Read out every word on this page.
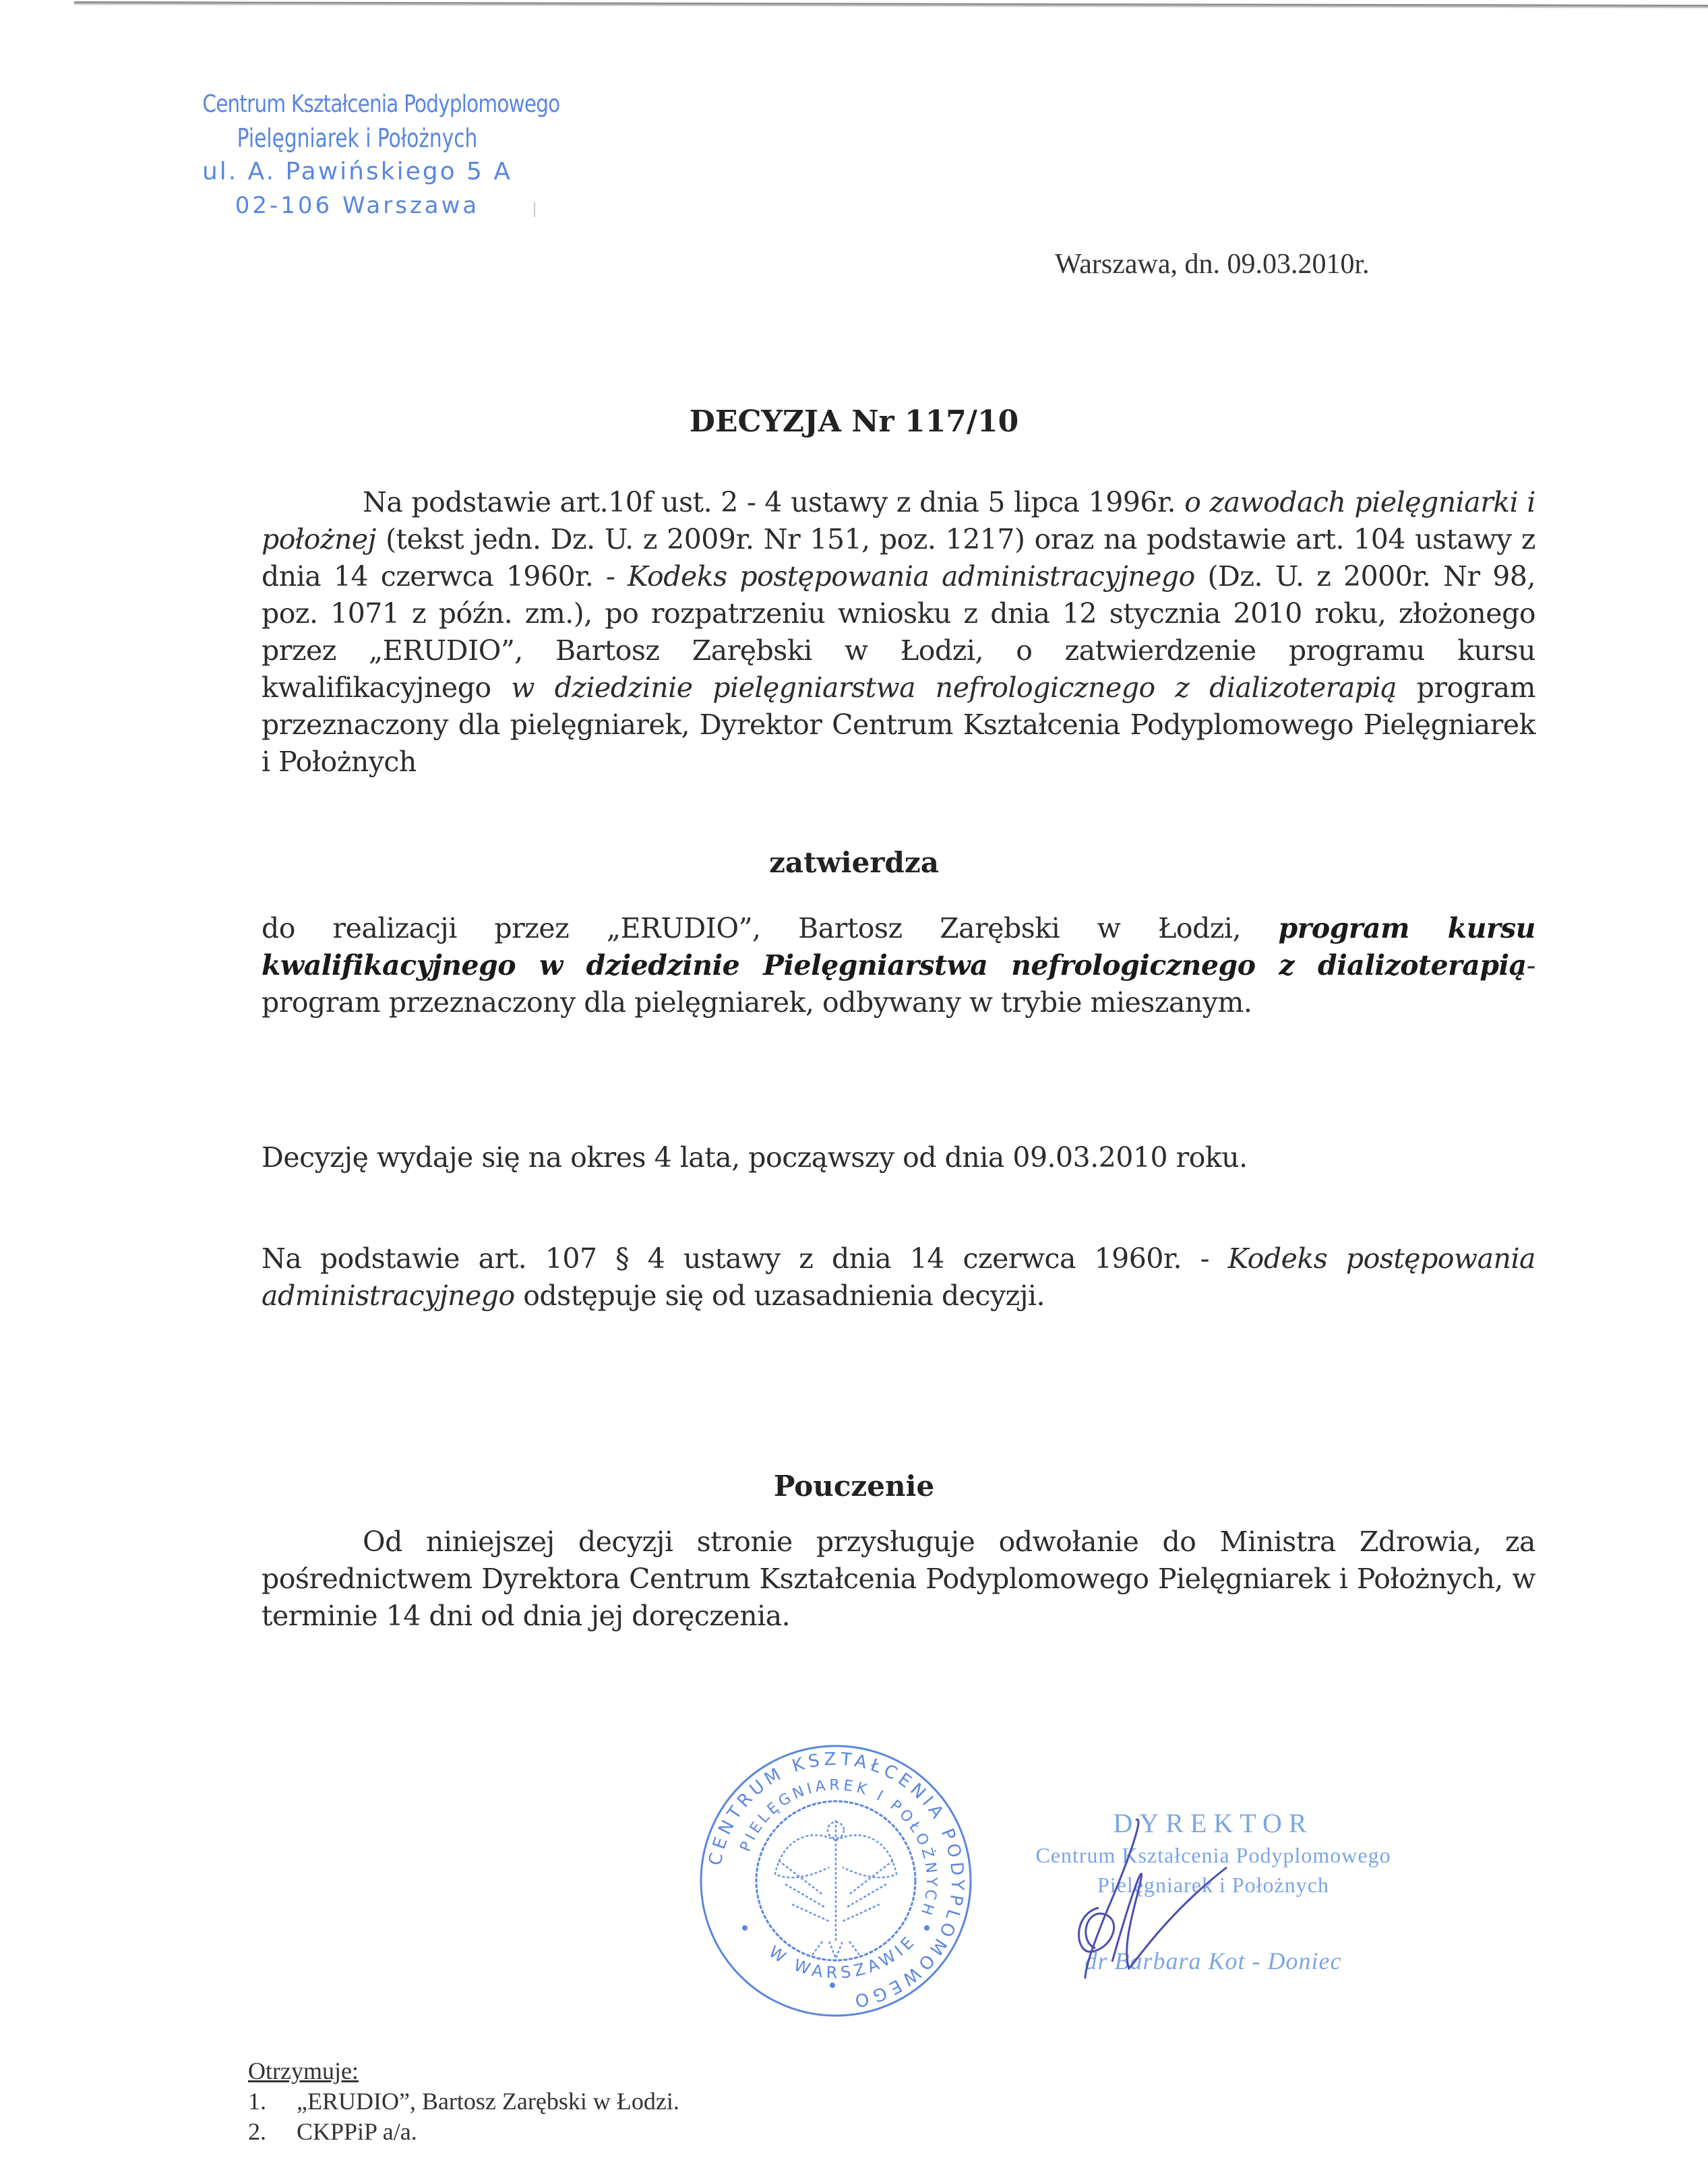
Centrum Kształcenia Podyplomowego
Pielęgniarek i Położnych
ul. A. Pawińskiego 5 A
02-106 Warszawa
Warszawa, dn. 09.03.2010r.
DECYZJA Nr 117/10
Na podstawie art.10f ust. 2 - 4 ustawy z dnia 5 lipca 1996r. o zawodach pielęgniarki i położnej (tekst jedn. Dz. U. z 2009r. Nr 151, poz. 1217) oraz na podstawie art. 104 ustawy z dnia 14 czerwca 1960r. - Kodeks postępowania administracyjnego (Dz. U. z 2000r. Nr 98, poz. 1071 z późn. zm.), po rozpatrzeniu wniosku z dnia 12 stycznia 2010 roku, złożonego przez „ERUDIO”, Bartosz Zarębski w Łodzi, o zatwierdzenie programu kursu kwalifikacyjnego w dziedzinie pielęgniarstwa nefrologicznego z dializoterapią program przeznaczony dla pielęgniarek, Dyrektor Centrum Kształcenia Podyplomowego Pielęgniarek i Położnych
zatwierdza
do realizacji przez „ERUDIO”, Bartosz Zarębski w Łodzi, program kursu kwalifikacyjnego w dziedzinie Pielęgniarstwa nefrologicznego z dializoterapią- program przeznaczony dla pielęgniarek, odbywany w trybie mieszanym.
Decyzję wydaje się na okres 4 lata, począwszy od dnia 09.03.2010 roku.
Na podstawie art. 107 § 4 ustawy z dnia 14 czerwca 1960r. - Kodeks postępowania administracyjnego odstępuje się od uzasadnienia decyzji.
Pouczenie
Od niniejszej decyzji stronie przysługuje odwołanie do Ministra Zdrowia, za pośrednictwem Dyrektora Centrum Kształcenia Podyplomowego Pielęgniarek i Położnych, w terminie 14 dni od dnia jej doręczenia.
CENTRUM KSZTAŁCENIA PODYPLOMOWEGO
PIELĘGNIAREK I POŁOŻNYCH
W WARSZAWIE
DYREKTOR
Centrum Kształcenia Podyplomowego
Pielęgniarek i Położnych
dr Barbara Kot - Doniec
Otrzymuje:
1. „ERUDIO”, Bartosz Zarębski w Łodzi.
2. CKPPiP a/a.
